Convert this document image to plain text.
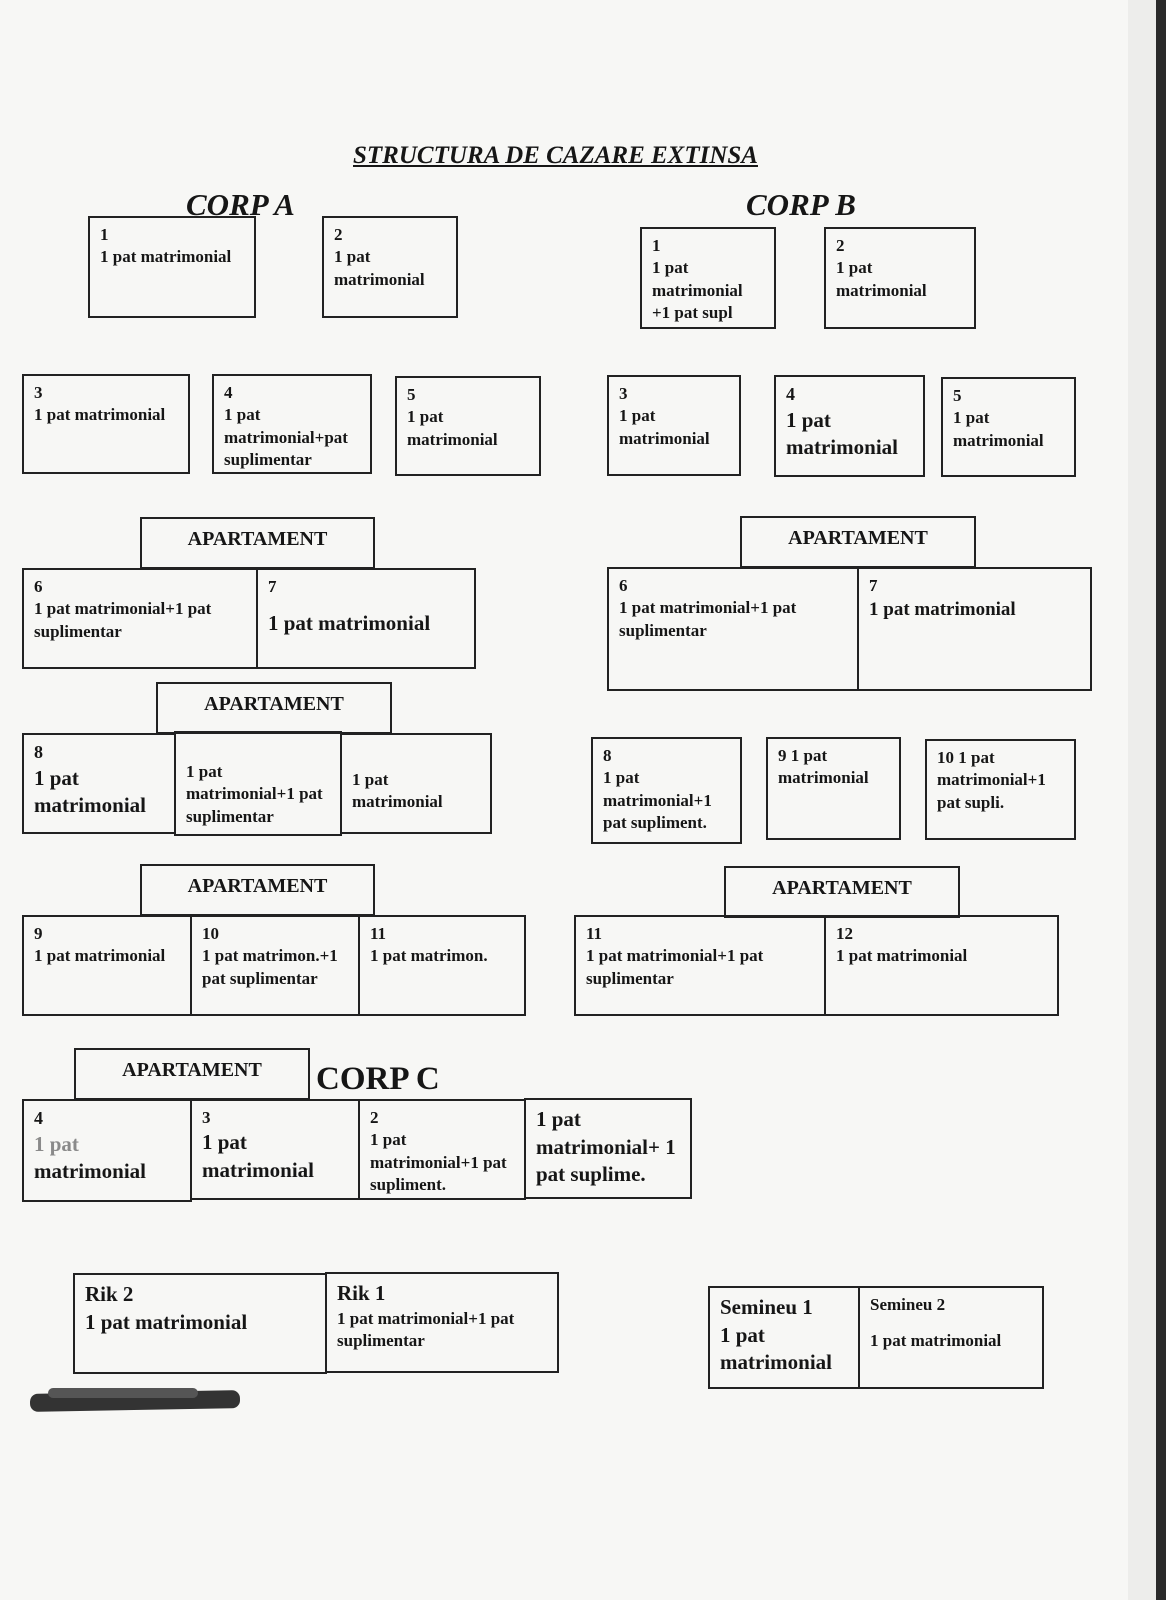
STRUCTURA DE CAZARE EXTINSA
CORP A	CORP B
1
1 pat matrimonial
2
1 pat matrimonial
3
1 pat matrimonial
4
1 pat matrimonial+pat suplimentar
5
1 pat matrimonial
APARTAMENT
6
1 pat matrimonial+1 pat suplimentar
7
1 pat matrimonial
APARTAMENT
8
1 pat matrimonial
1 pat matrimonial+1 pat suplimentar
1 pat matrimonial
APARTAMENT
9
1 pat matrimonial
10
1 pat matrimon.+1 pat suplimentar
11
1 pat matrimon.
1
1 pat matrimonial +1 pat supl
2
1 pat matrimonial
3
1 pat matrimonial
4
1 pat matrimonial
5
1 pat matrimonial
APARTAMENT
6
1 pat matrimonial+1 pat suplimentar
7
1 pat matrimonial
8
1 pat matrimonial+1 pat supliment.
9 1 pat matrimonial
10 1 pat matrimonial+1 pat supli.
APARTAMENT
11
1 pat matrimonial+1 pat suplimentar
12
1 pat matrimonial
APARTAMENT	CORP C
4
1 pat
matrimonial
3
1 pat matrimonial
2
1 pat matrimonial+1 pat supliment.
1 pat matrimonial+ 1 pat suplime.
Rik 2
1 pat matrimonial
Rik 1
1 pat matrimonial+1 pat suplimentar
Semineu 1
1 pat matrimonial
Semineu 2
1 pat matrimonial
